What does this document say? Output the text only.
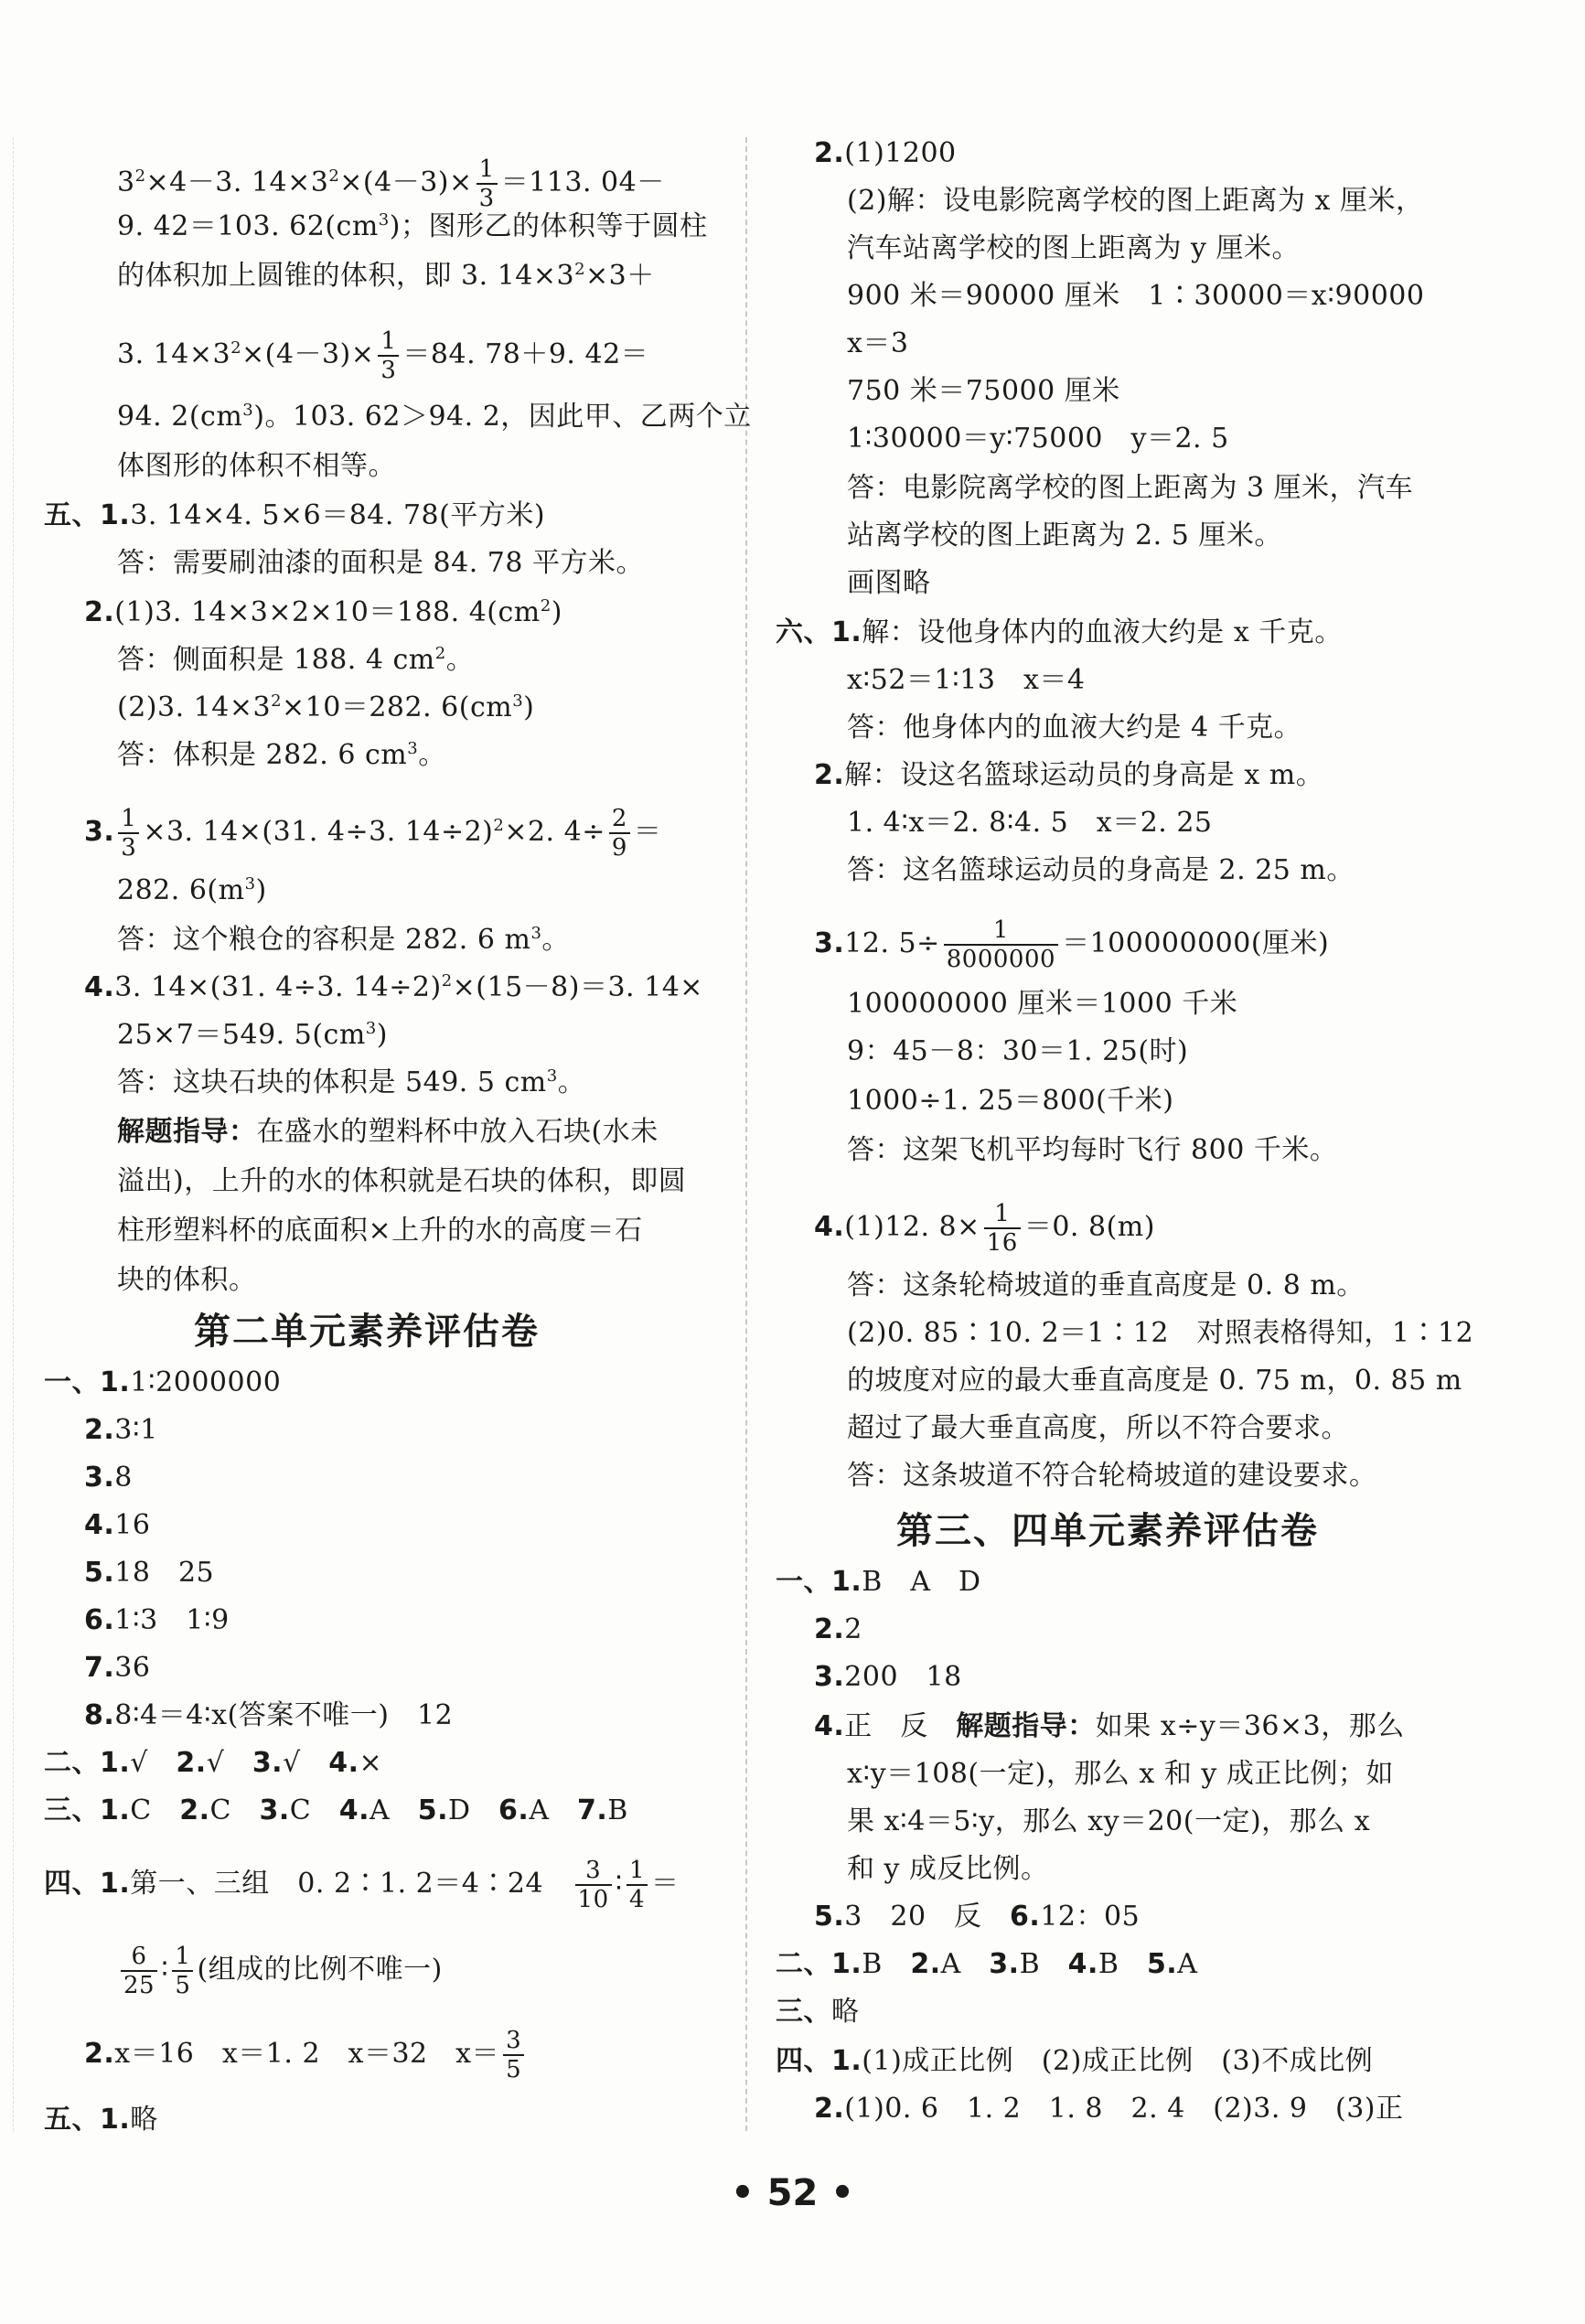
$3^2\times 4-3$. $14\times 3^2\times(4-3)\times \frac{1}{3} =113$. 04－
9. 42＝103. $62(cm^3)$；图形乙的体积等于圆柱
的体积加上圆锥的体积，即 3. $14\times 3^2\times 3+$
3. $14\times 3^2\times(4-3)\times \frac{1}{3} =84$. 78＋9. 42＝
94. $2(cm^3)$。103. 62＞94. 2，因此甲、乙两个立
体图形的体积不相等。
五、1.3. 14×4. 5×6＝84. 78(平方米)
答：需要刷油漆的面积是 84. 78 平方米。
2.(1)3. 14×3×2×10＝188. $4(cm^2)$
答：侧面积是 188. 4 $cm^2$。
(2)3. $14\times 3^2\times 10=282$. $6(cm^3)$
答：体积是 282. 6 $cm^3$。
3. $\frac{1}{3} \times 3$. 14×(31. 4÷3. 14÷2)$^2$×2. $4\div \frac{2}{9}$ ＝
282. $6(m^3)$
答：这个粮仓的容积是 282. 6 $m^3$。
4.3. 14×(31. 4÷3. 14÷2)$^2$×(15－8)＝3. 14×
25×7＝549. $5(cm^3)$
答：这块石块的体积是 549. 5 $cm^3$。
解题指导：在盛水的塑料杯中放入石块(水未
溢出)，上升的水的体积就是石块的体积，即圆
柱形塑料杯的底面积×上升的水的高度＝石
块的体积。
第二单元素养评估卷
一、1.1∶2000000
2.3∶1
3.8
4.16
5.18　25
6.1∶3　1∶9
7.36
8.8∶4＝4∶x(答案不唯一)　12
二、1.√　 2.√　 3.√　 4.×
三、1.C　 2.C　 3.C　 4.A　 5.D　 6.A　 7.B
四、1.第一、三组　0. 2∶1. 2＝4∶24　 $\frac{3}{10}$ ∶ $\frac{1}{4}$ ＝
$\frac{6}{25}$ ∶ $\frac{1}{5}$ (组成的比例不唯一)
2.x＝16　x＝1. 2　x＝32　$x= \frac{3}{5}$
五、1.略
2.(1)1200
(2)解：设电影院离学校的图上距离为 x 厘米，
汽车站离学校的图上距离为 y 厘米。
900 米＝90000 厘米　1∶30000＝x∶90000
x＝3
750 米＝75000 厘米
1∶30000＝y∶75000　y＝2. 5
答：电影院离学校的图上距离为 3 厘米，汽车
站离学校的图上距离为 2. 5 厘米。
画图略
六、1.解：设他身体内的血液大约是 x 千克。
x∶52＝1∶13　x＝4
答：他身体内的血液大约是 4 千克。
2.解：设这名篮球运动员的身高是 x m。
1. 4∶x＝2. 8∶4. 5　x＝2. 25
答：这名篮球运动员的身高是 2. 25 m。
3.12. $5\div \frac{1}{8000000} =100000000$(厘米)
100000000 厘米＝1000 千米
9：45－8：30＝1. 25(时)
1000÷1. 25＝800(千米)
答：这架飞机平均每时飞行 800 千米。
4.(1)12. $8\times \frac{1}{16} =0$. 8(m)
答：这条轮椅坡道的垂直高度是 0. 8 m。
(2)0. 85∶10. 2＝1∶12　对照表格得知，1∶12
的坡度对应的最大垂直高度是 0. 75 m，0. 85 m
超过了最大垂直高度，所以不符合要求。
答：这条坡道不符合轮椅坡道的建设要求。
第三、四单元素养评估卷
一、1.B　A　D
2.2
3.200　18
4.正　反　解题指导：如果 x÷y＝36×3，那么
x∶y＝108(一定)，那么 x 和 y 成正比例；如
果 x∶4＝5∶y，那么 xy＝20(一定)，那么 x
和 y 成反比例。
5.3　20　反　 6.12：05
二、1.B　 2.A　 3.B　 4.B　 5.A
三、略
四、1.(1)成正比例　(2)成正比例　(3)不成比例
2.(1)0. 6　1. 2　1. 8　2. 4　(2)3. 9　(3)正
• 52 •
